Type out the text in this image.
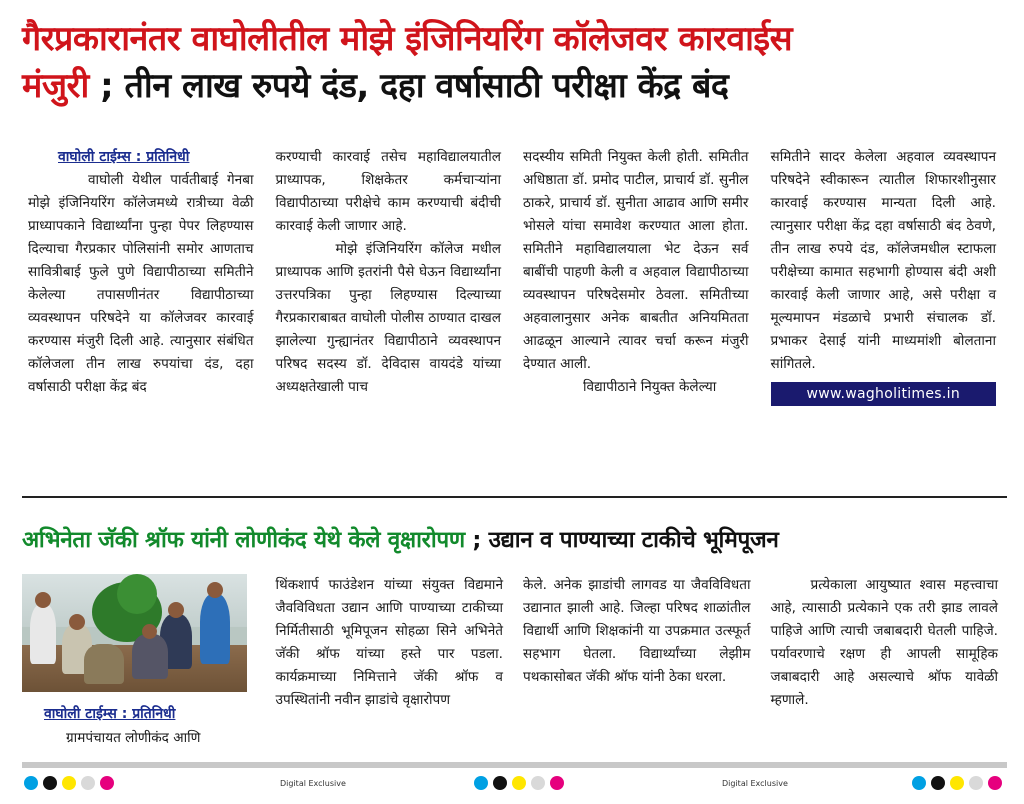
गैरप्रकारानंतर वाघोलीतील मोझे इंजिनियरिंग कॉलेजवर कारवाईस
मंजुरी ; तीन लाख रुपये दंड, दहा वर्षासाठी परीक्षा केंद्र बंद
वाघोली टाईम्स : प्रतिनिधी

वाघोली येथील पार्वतीबाई गेनबा मोझे इंजिनियरिंग कॉलेजमध्ये रात्रीच्या वेळी प्राध्यापकाने विद्यार्थ्यांना पुन्हा पेपर लिहण्यास दिल्याचा गैरप्रकार पोलिसांनी समोर आणताच सावित्रीबाई फुले पुणे विद्यापीठाच्या समितीने केलेल्या तपासणीनंतर विद्यापीठाच्या व्यवस्थापन परिषदेने या कॉलेजवर कारवाई करण्यास मंजुरी दिली आहे. त्यानुसार संबंधित कॉलेजला तीन लाख रुपयांचा दंड, दहा वर्षासाठी परीक्षा केंद्र बंद

करण्याची कारवाई तसेच महाविद्यालयातील प्राध्यापक, शिक्षकेतर कर्मचाऱ्यांना विद्यापीठाच्या परीक्षेचे काम करण्याची बंदीची कारवाई केली जाणार आहे.

मोझे इंजिनियरिंग कॉलेज मधील प्राध्यापक आणि इतरांनी पैसे घेऊन विद्यार्थ्यांना उत्तरपत्रिका पुन्हा लिहण्यास दिल्याच्या गैरप्रकाराबाबत वाघोली पोलीस ठाण्यात दाखल झालेल्या गुन्ह्यानंतर विद्यापीठाने व्यवस्थापन परिषद सदस्य डॉ. देविदास वायदंडे यांच्या अध्यक्षतेखाली पाच

सदस्यीय समिती नियुक्त केली होती. समितीत अधिष्ठाता डॉ. प्रमोद पाटील, प्राचार्य डॉ. सुनील ठाकरे, प्राचार्य डॉ. सुनीता आढाव आणि समीर भोसले यांचा समावेश करण्यात आला होता. समितीने महाविद्यालयाला भेट देऊन सर्व बाबींची पाहणी केली व अहवाल विद्यापीठाच्या व्यवस्थापन परिषदेसमोर ठेवला. समितीच्या अहवालानुसार अनेक बाबतीत अनियमितता आढळून आल्याने त्यावर चर्चा करून मंजुरी देण्यात आली.

विद्यापीठाने नियुक्त केलेल्या

समितीने सादर केलेला अहवाल व्यवस्थापन परिषदेने स्वीकारून त्यातील शिफारशीनुसार कारवाई करण्यास मान्यता दिली आहे. त्यानुसार परीक्षा केंद्र दहा वर्षासाठी बंद ठेवणे, तीन लाख रुपये दंड, कॉलेजमधील स्टाफला परीक्षेच्या कामात सहभागी होण्यास बंदी अशी कारवाई केली जाणार आहे, असे परीक्षा व मूल्यमापन मंडळाचे प्रभारी संचालक डॉ. प्रभाकर देसाई यांनी माध्यमांशी बोलताना सांगितले.

www.wagholitimes.in
अभिनेता जॅकी श्रॉफ यांनी लोणीकंद येथे केले वृक्षारोपण ; उद्यान व पाण्याच्या टाकीचे भूमिपूजन
वाघोली टाईम्स : प्रतिनिधी

ग्रामपंचायत लोणीकंद आणि

थिंकशार्प फाउंडेशन यांच्या संयुक्त विद्यमाने जैवविविधता उद्यान आणि पाण्याच्या टाकीच्या निर्मितीसाठी भूमिपूजन सोहळा सिने अभिनेते जॅकी श्रॉफ यांच्या हस्ते पार पडला. कार्यक्रमाच्या निमित्ताने जॅकी श्रॉफ व उपस्थितांनी नवीन झाडांचे वृक्षारोपण

केले. अनेक झाडांची लागवड या जैवविविधता उद्यानात झाली आहे. जिल्हा परिषद शाळांतील विद्यार्थी आणि शिक्षकांनी या उपक्रमात उत्स्फूर्त सहभाग घेतला. विद्यार्थ्यांच्या लेझीम पथकासोबत जॅकी श्रॉफ यांनी ठेका धरला.

प्रत्येकाला आयुष्यात श्वास महत्त्वाचा आहे, त्यासाठी प्रत्येकाने एक तरी झाड लावले पाहिजे आणि त्याची जबाबदारी घेतली पाहिजे. पर्यावरणाचे रक्षण ही आपली सामूहिक जबाबदारी आहे असल्याचे श्रॉफ यावेळी म्हणाले.

Digital Exclusive	Digital Exclusive
